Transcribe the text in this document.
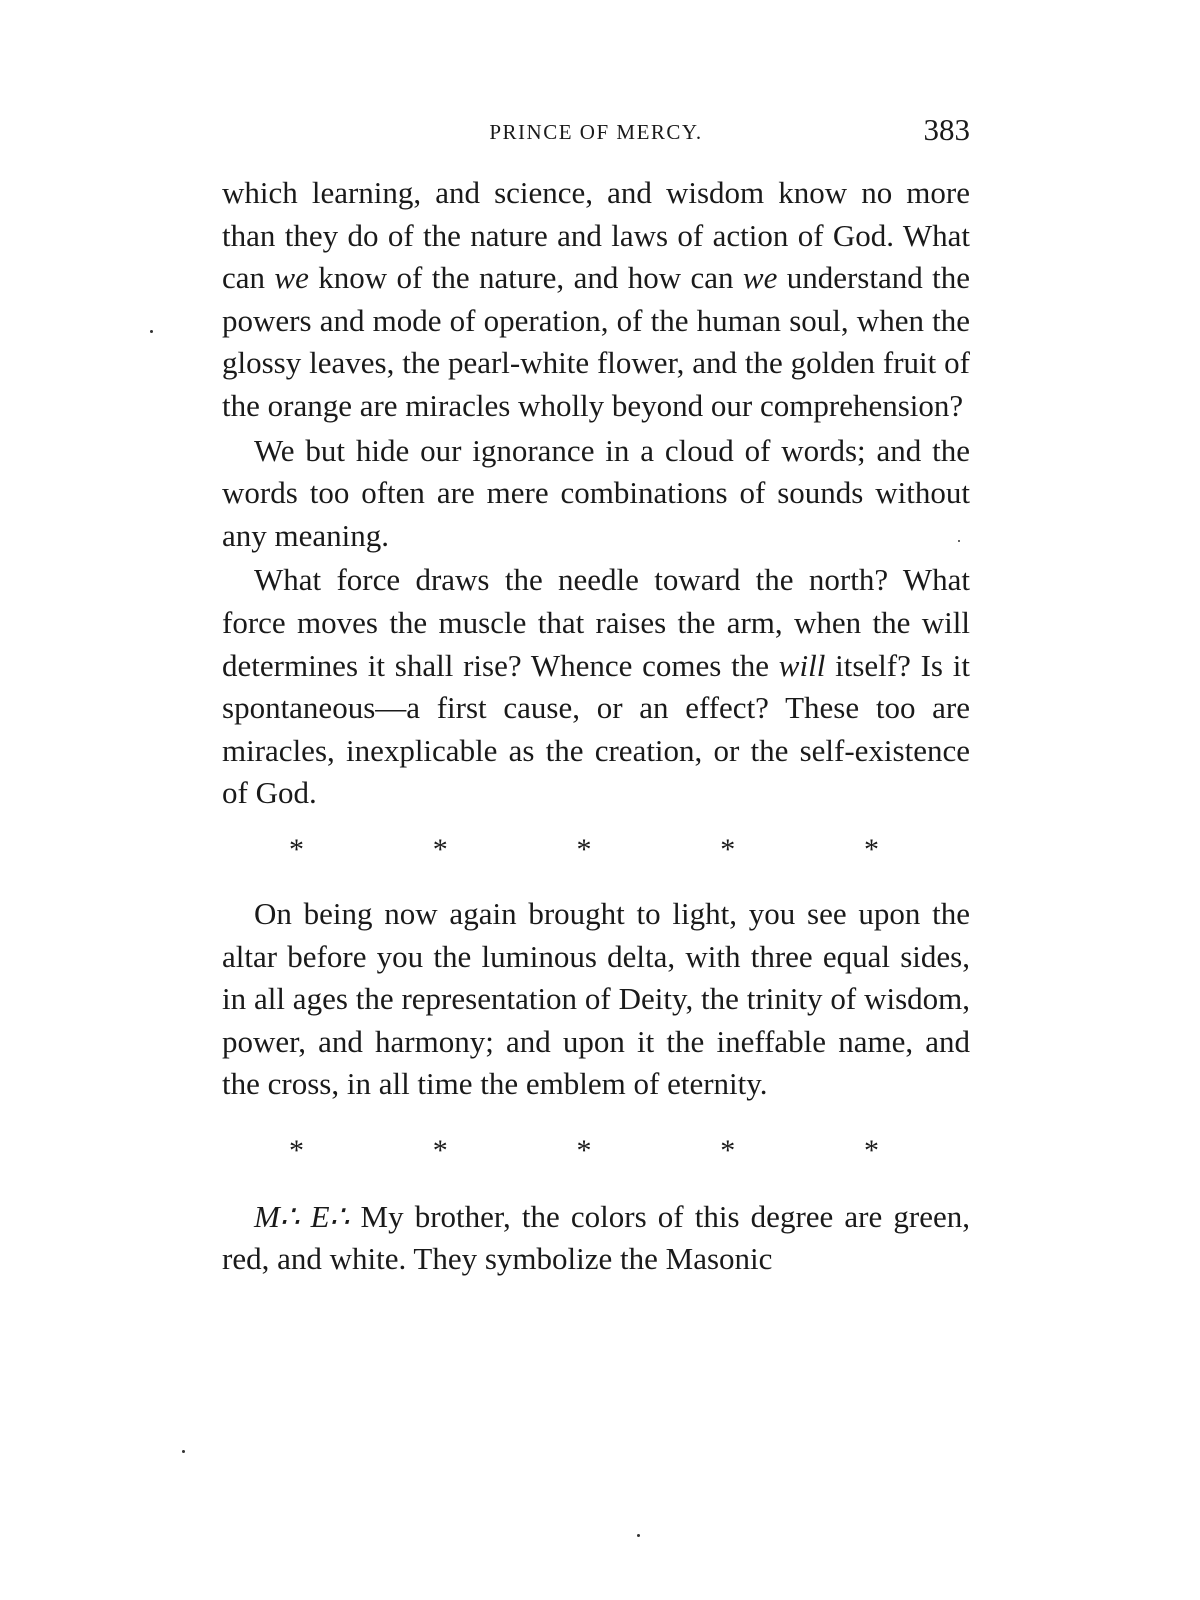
PRINCE OF MERCY.	383

which learning, and science, and wisdom know no more than they do of the nature and laws of action of God. What can we know of the nature, and how can we understand the powers and mode of operation, of the human soul, when the glossy leaves, the pearl-white flower, and the golden fruit of the orange are miracles wholly beyond our comprehension?

We but hide our ignorance in a cloud of words; and the words too often are mere combinations of sounds without any meaning.

What force draws the needle toward the north? What force moves the muscle that raises the arm, when the will determines it shall rise? Whence comes the will itself? Is it spontaneous—a first cause, or an effect? These too are miracles, inexplicable as the creation, or the self-existence of God.

*	*	*	*	*

On being now again brought to light, you see upon the altar before you the luminous delta, with three equal sides, in all ages the representation of Deity, the trinity of wisdom, power, and harmony; and upon it the ineffable name, and the cross, in all time the emblem of eternity.

*	*	*	*	*

M∴ E∴ My brother, the colors of this degree are green, red, and white. They symbolize the Masonic
